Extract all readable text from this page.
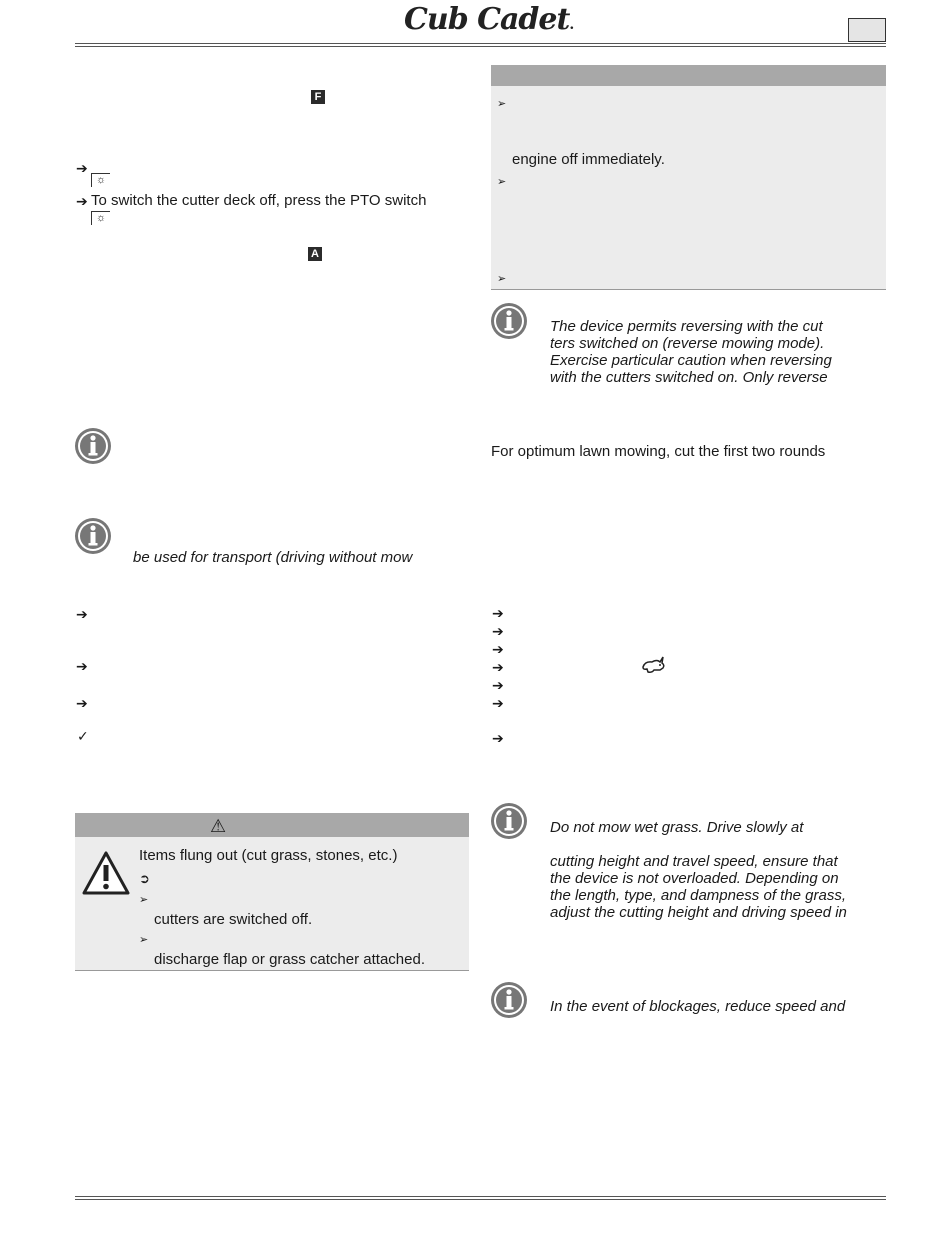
Cub Cadet.
F
➔
☼
➔ To switch the cutter deck off, press the PTO switch
☼
A
be used for transport (driving without mow
➔
➔
➔
✓
⚠
Items flung out (cut grass, stones, etc.)
➲
➢
cutters are switched off.
➢
discharge flap or grass catcher attached.
➢
engine off immediately.
➢
➢
The device permits reversing with the cut
ters switched on (reverse mowing mode).
Exercise particular caution when reversing
with the cutters switched on. Only reverse
For optimum lawn mowing, cut the first two rounds
➔
➔
➔
➔
➔
➔
➔
Do not mow wet grass. Drive slowly at
cutting height and travel speed, ensure that
the device is not overloaded. Depending on
the length, type, and dampness of the grass,
adjust the cutting height and driving speed in
In the event of blockages, reduce speed and
